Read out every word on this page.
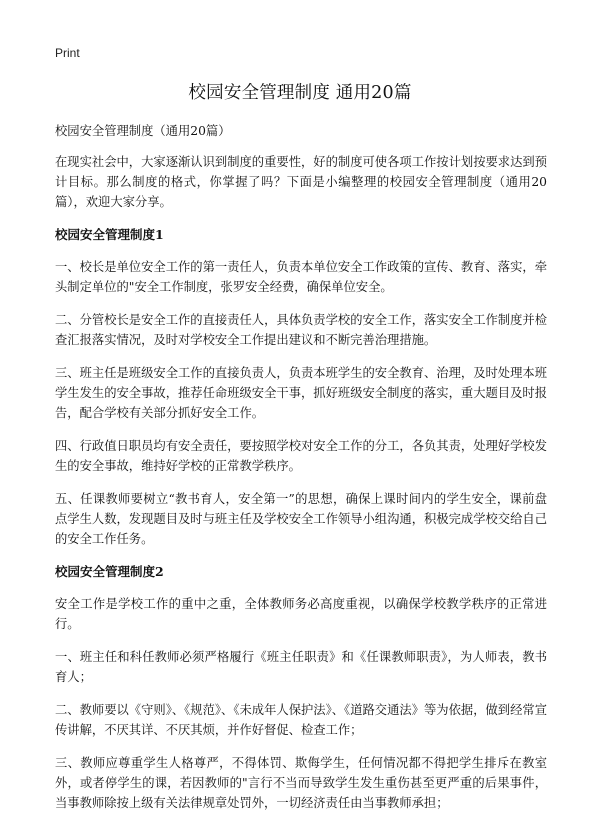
Print
校园安全管理制度 通用20篇

校园安全管理制度（通用20篇）

在现实社会中，大家逐渐认识到制度的重要性，好的制度可使各项工作按计划按要求达到预计目标。那么制度的格式，你掌握了吗？下面是小编整理的校园安全管理制度（通用20篇），欢迎大家分享。

校园安全管理制度1

一、校长是单位安全工作的第一责任人，负责本单位安全工作政策的宣传、教育、落实，牵头制定单位的"安全工作制度，张罗安全经费，确保单位安全。

二、分管校长是安全工作的直接责任人，具体负责学校的安全工作，落实安全工作制度并检查汇报落实情况，及时对学校安全工作提出建议和不断完善治理措施。

三、班主任是班级安全工作的直接负责人，负责本班学生的安全教育、治理，及时处理本班学生发生的安全事故，推荐任命班级安全干事，抓好班级安全制度的落实，重大题目及时报告，配合学校有关部分抓好安全工作。

四、行政值日职员均有安全责任，要按照学校对安全工作的分工，各负其责，处理好学校发生的安全事故，维持好学校的正常教学秩序。

五、任课教师要树立“教书育人，安全第一”的思想，确保上课时间内的学生安全，课前盘点学生人数，发现题目及时与班主任及学校安全工作领导小组沟通，积极完成学校交给自己的安全工作任务。

校园安全管理制度2

安全工作是学校工作的重中之重，全体教师务必高度重视，以确保学校教学秩序的正常进行。

一、班主任和科任教师必须严格履行《班主任职责》和《任课教师职责》，为人师表，教书育人；

二、教师要以《守则》、《规范》、《未成年人保护法》、《道路交通法》等为依据，做到经常宣传讲解，不厌其详、不厌其烦，并作好督促、检查工作；

三、教师应尊重学生人格尊严，不得体罚、欺侮学生，任何情况都不得把学生排斥在教室外，或者停学生的课，若因教师的"言行不当而导致学生发生重伤甚至更严重的后果事件，当事教师除按上级有关法律规章处罚外，一切经济责任由当事教师承担；
